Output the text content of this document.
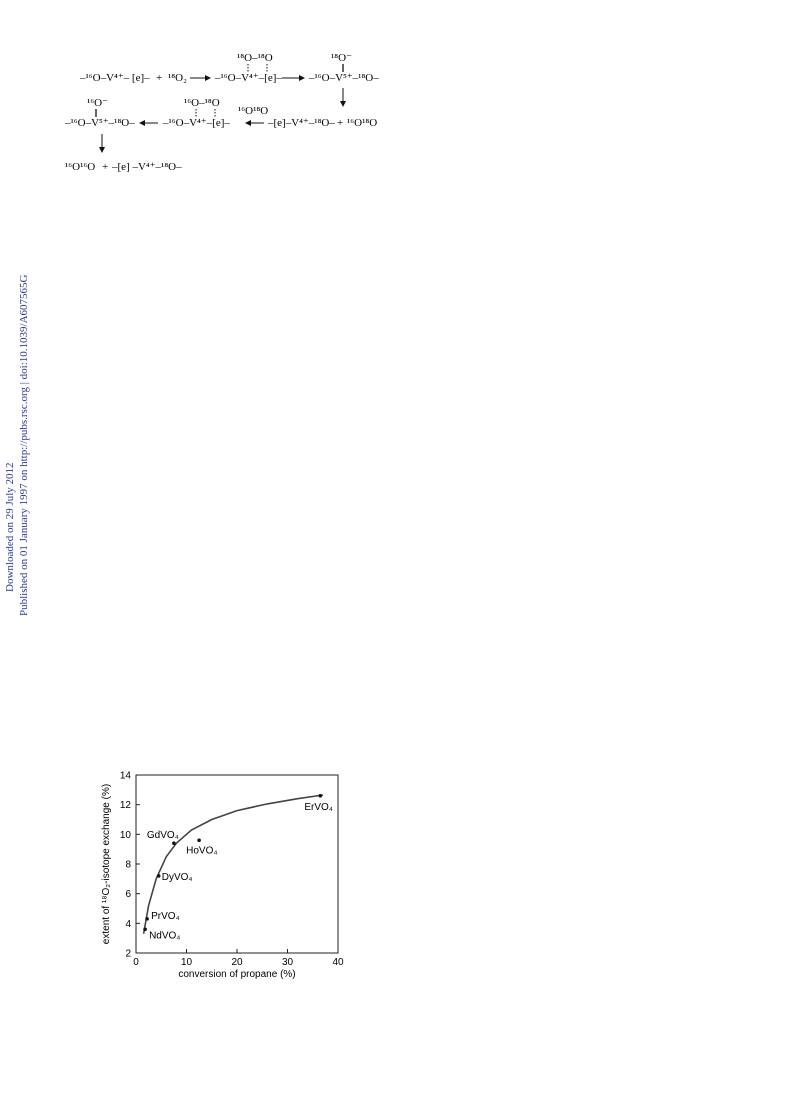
Downloaded on 29 July 2012 Published on 01 January 1997 on http://pubs.rsc.org | doi:10.1039/A607565G
–¹⁶O–V⁴⁺– [e]– + ¹⁸O₂
¹⁸O–¹⁸O
–¹⁶O–V⁴⁺–[e]–
¹⁸O⁻
–¹⁶O–V⁵⁺–¹⁸O–
¹⁶O⁻
–¹⁶O–V⁵⁺–¹⁸O–
¹⁶O–¹⁸O
–¹⁶O–V⁴⁺–[e]–
¹⁶O¹⁸O
–[e]–V⁴⁺–¹⁸O– + ¹⁶O¹⁸O
¹⁶O¹⁶O + –[e] –V⁴⁺–¹⁸O–
0	10	20	30	40
2
4
6
8
10
12
14
NdVO₄
PrVO₄
DyVO₄
GdVO₄
HoVO₄
ErVO₄
conversion of propane (%)
extent of ¹⁸O₂-isotope exchange (%)
